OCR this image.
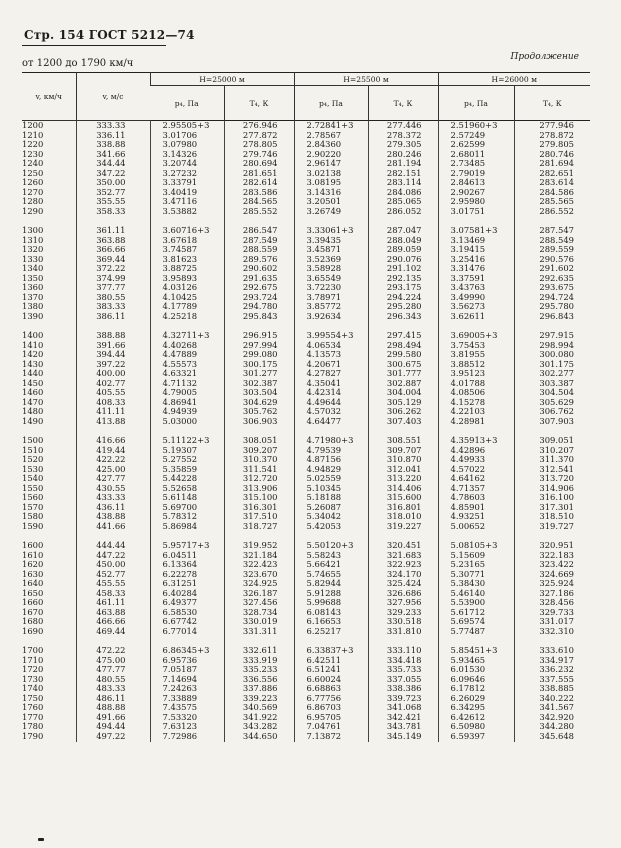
Стр. 154 ГОСТ 5212—74
Продолжение
от 1200 до 1790 км/ч
v, км/ч	v, м/с	H=25000 м		H=25500 м		H=26000 м	
		p₄, Па	T₄, К	p₄, Па	T₄, К	p₄, Па	T₄, К
1200	333.33	2.95505+3	276.946	2.72841+3	277.446	2.51960+3	277.946
1210	336.11	3.01706	277.872	2.78567	278.372	2.57249	278.872
1220	338.88	3.07980	278.805	2.84360	279.305	2.62599	279.805
1230	341.66	3.14326	279.746	2.90220	280.246	2.68011	280.746
1240	344.44	3.20744	280.694	2.96147	281.194	2.73485	281.694
1250	347.22	3.27232	281.651	3.02138	282.151	2.79019	282.651
1260	350.00	3.33791	282.614	3.08195	283.114	2.84613	283.614
1270	352.77	3.40419	283.586	3.14316	284.086	2.90267	284.586
1280	355.55	3.47116	284.565	3.20501	285.065	2.95980	285.565
1290	358.33	3.53882	285.552	3.26749	286.052	3.01751	286.552

1300	361.11	3.60716+3	286.547	3.33061+3	287.047	3.07581+3	287.547
1310	363.88	3.67618	287.549	3.39435	288.049	3.13469	288.549
1320	366.66	3.74587	288.559	3.45871	289.059	3.19415	289.559
1330	369.44	3.81623	289.576	3.52369	290.076	3.25416	290.576
1340	372.22	3.88725	290.602	3.58928	291.102	3.31476	291.602
1350	374.99	3.95893	291.635	3.65549	292.135	3.37591	292.635
1360	377.77	4.03126	292.675	3.72230	293.175	3.43763	293.675
1370	380.55	4.10425	293.724	3.78971	294.224	3.49990	294.724
1380	383.33	4.17789	294.780	3.85772	295.280	3.56273	295.780
1390	386.11	4.25218	295.843	3.92634	296.343	3.62611	296.843

1400	388.88	4.32711+3	296.915	3.99554+3	297.415	3.69005+3	297.915
1410	391.66	4.40268	297.994	4.06534	298.494	3.75453	298.994
1420	394.44	4.47889	299.080	4.13573	299.580	3.81955	300.080
1430	397.22	4.55573	300.175	4.20671	300.675	3.88512	301.175
1440	400.00	4.63321	301.277	4.27827	301.777	3.95123	302.277
1450	402.77	4.71132	302.387	4.35041	302.887	4.01788	303.387
1460	405.55	4.79005	303.504	4.42314	304.004	4.08506	304.504
1470	408.33	4.86941	304.629	4.49644	305.129	4.15278	305.629
1480	411.11	4.94939	305.762	4.57032	306.262	4.22103	306.762
1490	413.88	5.03000	306.903	4.64477	307.403	4.28981	307.903

1500	416.66	5.11122+3	308.051	4.71980+3	308.551	4.35913+3	309.051
1510	419.44	5.19307	309.207	4.79539	309.707	4.42896	310.207
1520	422.22	5.27552	310.370	4.87156	310.870	4.49933	311.370
1530	425.00	5.35859	311.541	4.94829	312.041	4.57022	312.541
1540	427.77	5.44228	312.720	5.02559	313.220	4.64162	313.720
1550	430.55	5.52658	313.906	5.10345	314.406	4.71357	314.906
1560	433.33	5.61148	315.100	5.18188	315.600	4.78603	316.100
1570	436.11	5.69700	316.301	5.26087	316.801	4.85901	317.301
1580	438.88	5.78312	317.510	5.34042	318.010	4.93251	318.510
1590	441.66	5.86984	318.727	5.42053	319.227	5.00652	319.727

1600	444.44	5.95717+3	319.952	5.50120+3	320.451	5.08105+3	320.951
1610	447.22	6.04511	321.184	5.58243	321.683	5.15609	322.183
1620	450.00	6.13364	322.423	5.66421	322.923	5.23165	323.422
1630	452.77	6.22278	323.670	5.74655	324.170	5.30771	324.669
1640	455.55	6.31251	324.925	5.82944	325.424	5.38430	325.924
1650	458.33	6.40284	326.187	5.91288	326.686	5.46140	327.186
1660	461.11	6.49377	327.456	5.99688	327.956	5.53900	328.456
1670	463.88	6.58530	328.734	6.08143	329.233	5.61712	329.733
1680	466.66	6.67742	330.019	6.16653	330.518	5.69574	331.017
1690	469.44	6.77014	331.311	6.25217	331.810	5.77487	332.310

1700	472.22	6.86345+3	332.611	6.33837+3	333.110	5.85451+3	333.610
1710	475.00	6.95736	333.919	6.42511	334.418	5.93465	334.917
1720	477.77	7.05187	335.233	6.51241	335.733	6.01530	336.232
1730	480.55	7.14694	336.556	6.60024	337.055	6.09646	337.555
1740	483.33	7.24263	337.886	6.68863	338.386	6.17812	338.885
1750	486.11	7.33889	339.223	6.77756	339.723	6.26029	340.222
1760	488.88	7.43575	340.569	6.86703	341.068	6.34295	341.567
1770	491.66	7.53320	341.922	6.95705	342.421	6.42612	342.920
1780	494.44	7.63123	343.282	7.04761	343.781	6.50980	344.280
1790	497.22	7.72986	344.650	7.13872	345.149	6.59397	345.648
